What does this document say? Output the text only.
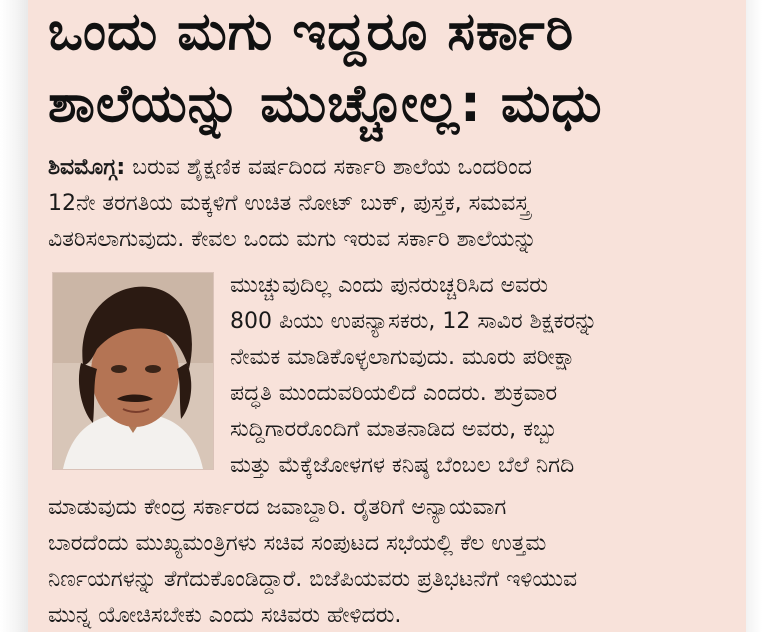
ಒಂದು ಮಗು ಇದ್ದರೂ ಸರ್ಕಾರಿ
ಶಾಲೆಯನ್ನು ಮುಚ್ಚೋಲ್ಲ: ಮಧು

ಶಿವಮೊಗ್ಗ: ಬರುವ ಶೈಕ್ಷಣಿಕ ವರ್ಷದಿಂದ ಸರ್ಕಾರಿ ಶಾಲೆಯ ಒಂದರಿಂದ

12ನೇ ತರಗತಿಯ ಮಕ್ಕಳಿಗೆ ಉಚಿತ ನೋಟ್ ಬುಕ್, ಪುಸ್ತಕ, ಸಮವಸ್ತ್ರ

ವಿತರಿಸಲಾಗುವುದು. ಕೇವಲ ಒಂದು ಮಗು ಇರುವ ಸರ್ಕಾರಿ ಶಾಲೆಯನ್ನು

ಮುಚ್ಚುವುದಿಲ್ಲ ಎಂದು ಪುನರುಚ್ಚರಿಸಿದ ಅವರು

800 ಪಿಯು ಉಪನ್ಯಾಸಕರು, 12 ಸಾವಿರ ಶಿಕ್ಷಕರನ್ನು

ನೇಮಕ ಮಾಡಿಕೊಳ್ಳಲಾಗುವುದು. ಮೂರು ಪರೀಕ್ಷಾ

ಪದ್ಧತಿ ಮುಂದುವರಿಯಲಿದೆ ಎಂದರು. ಶುಕ್ರವಾರ

ಸುದ್ದಿಗಾರರೊಂದಿಗೆ ಮಾತನಾಡಿದ ಅವರು, ಕಬ್ಬು

ಮತ್ತು ಮೆಕ್ಕೆಜೋಳಗಳ ಕನಿಷ್ಠ ಬೆಂಬಲ ಬೆಲೆ ನಿಗದಿ

ಮಾಡುವುದು ಕೇಂದ್ರ ಸರ್ಕಾರದ ಜವಾಬ್ದಾರಿ. ರೈತರಿಗೆ ಅನ್ಯಾಯವಾಗ

ಬಾರದೆಂದು ಮುಖ್ಯಮಂತ್ರಿಗಳು ಸಚಿವ ಸಂಪುಟದ ಸಭೆಯಲ್ಲಿ ಕೆಲ ಉತ್ತಮ

ನಿರ್ಣಯಗಳನ್ನು ತೆಗೆದುಕೊಂಡಿದ್ದಾರೆ. ಬಿಜೆಪಿಯವರು ಪ್ರತಿಭಟನೆಗೆ ಇಳಿಯುವ

ಮುನ್ನ ಯೋಚಿಸಬೇಕು ಎಂದು ಸಚಿವರು ಹೇಳಿದರು.
